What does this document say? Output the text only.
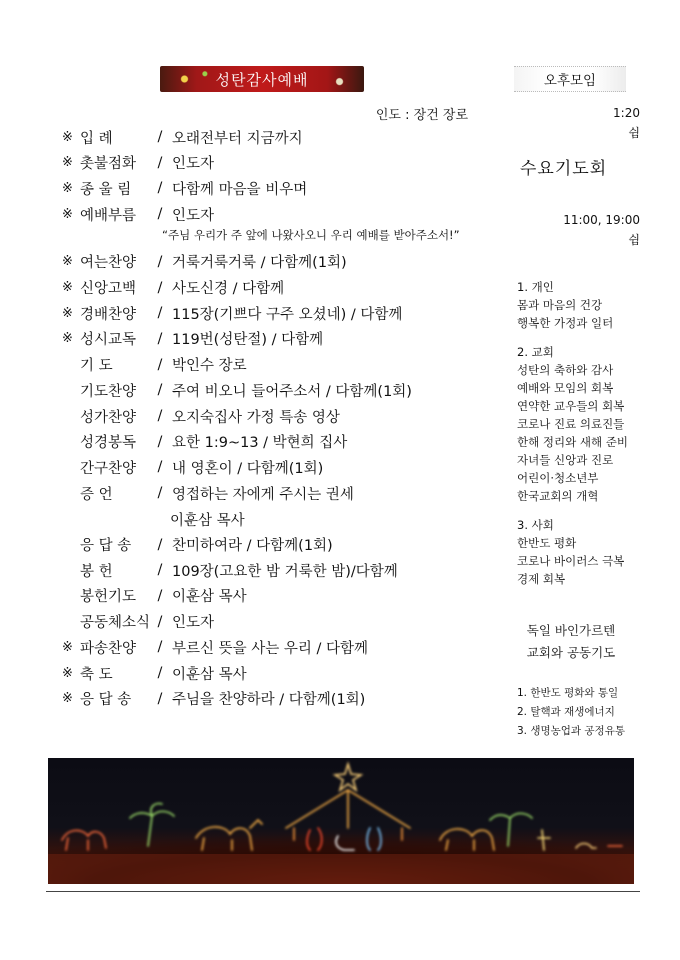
성탄감사예배
인도 : 장건 장로
※ 입 례	/ 오래전부터 지금까지
※ 촛불점화	/ 인도자
※ 종 울 림	/ 다함께 마음을 비우며
※ 예배부름	/ 인도자
“주님 우리가 주 앞에 나왔사오니 우리 예배를 받아주소서!”
※ 여는찬양	/ 거룩거룩거룩 / 다함께(1회)
※ 신앙고백	/ 사도신경 / 다함께
※ 경배찬양	/ 115장(기쁘다 구주 오셨네) / 다함께
※ 성시교독	/ 119번(성탄절) / 다함께
기 도	/ 박인수 장로
기도찬양	/ 주여 비오니 들어주소서 / 다함께(1회)
성가찬양	/ 오지숙집사 가정 특송 영상
성경봉독	/ 요한 1:9~13 / 박현희 집사
간구찬양	/ 내 영혼이 / 다함께(1회)
증 언	/ 영접하는 자에게 주시는 권세
이훈삼 목사
응 답 송	/ 찬미하여라 / 다함께(1회)
봉 헌	/ 109장(고요한 밤 거룩한 밤)/다함께
봉헌기도	/ 이훈삼 목사
공동체소식 / 인도자
※ 파송찬양	/ 부르신 뜻을 사는 우리 / 다함께
※ 축 도	/ 이훈삼 목사
※ 응 답 송	/ 주님을 찬양하라 / 다함께(1회)
오후모임
1:20
쉼
수요기도회
11:00, 19:00
쉼
1. 개인
몸과 마음의 건강
행복한 가정과 일터
2. 교회
성탄의 축하와 감사
예배와 모임의 회복
연약한 교우들의 회복
코로나 진료 의료진들
한해 정리와 새해 준비
자녀들 신앙과 진로
어린이·청소년부
한국교회의 개혁
3. 사회
한반도 평화
코로나 바이러스 극복
경제 회복
독일 바인가르텐
교회와 공동기도
1. 한반도 평화와 통일
2. 탈핵과 재생에너지
3. 생명농업과 공정유통
